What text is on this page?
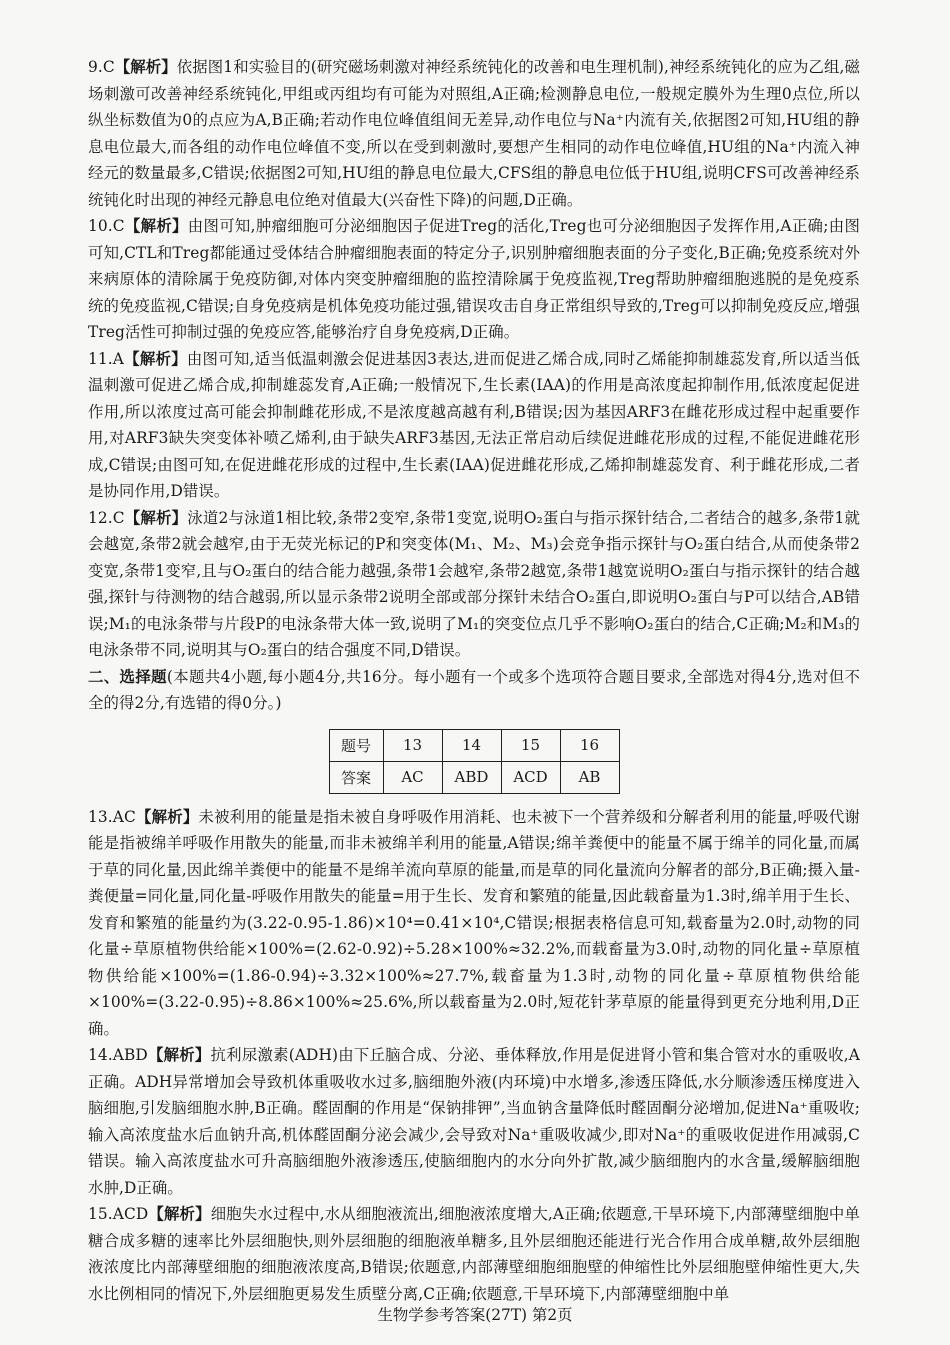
9.C【解析】依据图1和实验目的(研究磁场刺激对神经系统钝化的改善和电生理机制),神经系统钝化的应为乙组,磁场刺激可改善神经系统钝化,甲组或丙组均有可能为对照组,A正确;检测静息电位,一般规定膜外为生理0点位,所以纵坐标数值为0的点应为A,B正确;若动作电位峰值组间无差异,动作电位与Na⁺内流有关,依据图2可知,HU组的静息电位最大,而各组的动作电位峰值不变,所以在受到刺激时,要想产生相同的动作电位峰值,HU组的Na⁺内流入神经元的数量最多,C错误;依据图2可知,HU组的静息电位最大,CFS组的静息电位低于HU组,说明CFS可改善神经系统钝化时出现的神经元静息电位绝对值最大(兴奋性下降)的问题,D正确。

10.C【解析】由图可知,肿瘤细胞可分泌细胞因子促进Treg的活化,Treg也可分泌细胞因子发挥作用,A正确;由图可知,CTL和Treg都能通过受体结合肿瘤细胞表面的特定分子,识别肿瘤细胞表面的分子变化,B正确;免疫系统对外来病原体的清除属于免疫防御,对体内突变肿瘤细胞的监控清除属于免疫监视,Treg帮助肿瘤细胞逃脱的是免疫系统的免疫监视,C错误;自身免疫病是机体免疫功能过强,错误攻击自身正常组织导致的,Treg可以抑制免疫反应,增强Treg活性可抑制过强的免疫应答,能够治疗自身免疫病,D正确。

11.A【解析】由图可知,适当低温刺激会促进基因3表达,进而促进乙烯合成,同时乙烯能抑制雄蕊发育,所以适当低温刺激可促进乙烯合成,抑制雄蕊发育,A正确;一般情况下,生长素(IAA)的作用是高浓度起抑制作用,低浓度起促进作用,所以浓度过高可能会抑制雌花形成,不是浓度越高越有利,B错误;因为基因ARF3在雌花形成过程中起重要作用,对ARF3缺失突变体补喷乙烯利,由于缺失ARF3基因,无法正常启动后续促进雌花形成的过程,不能促进雌花形成,C错误;由图可知,在促进雌花形成的过程中,生长素(IAA)促进雌花形成,乙烯抑制雄蕊发育、利于雌花形成,二者是协同作用,D错误。

12.C【解析】泳道2与泳道1相比较,条带2变窄,条带1变宽,说明O₂蛋白与指示探针结合,二者结合的越多,条带1就会越宽,条带2就会越窄,由于无荧光标记的P和突变体(M₁、M₂、M₃)会竞争指示探针与O₂蛋白结合,从而使条带2变宽,条带1变窄,且与O₂蛋白的结合能力越强,条带1会越窄,条带2越宽,条带1越宽说明O₂蛋白与指示探针的结合越强,探针与待测物的结合越弱,所以显示条带2说明全部或部分探针未结合O₂蛋白,即说明O₂蛋白与P可以结合,AB错误;M₁的电泳条带与片段P的电泳条带大体一致,说明了M₁的突变位点几乎不影响O₂蛋白的结合,C正确;M₂和M₃的电泳条带不同,说明其与O₂蛋白的结合强度不同,D错误。

二、选择题(本题共4小题,每小题4分,共16分。每小题有一个或多个选项符合题目要求,全部选对得4分,选对但不全的得2分,有选错的得0分。)

题号	13	14	15	16
答案	AC	ABD	ACD	AB

13.AC【解析】未被利用的能量是指未被自身呼吸作用消耗、也未被下一个营养级和分解者利用的能量,呼吸代谢能是指被绵羊呼吸作用散失的能量,而非未被绵羊利用的能量,A错误;绵羊粪便中的能量不属于绵羊的同化量,而属于草的同化量,因此绵羊粪便中的能量不是绵羊流向草原的能量,而是草的同化量流向分解者的部分,B正确;摄入量-粪便量=同化量,同化量-呼吸作用散失的能量=用于生长、发育和繁殖的能量,因此载畜量为1.3时,绵羊用于生长、发育和繁殖的能量约为(3.22-0.95-1.86)×10⁴=0.41×10⁴,C错误;根据表格信息可知,载畜量为2.0时,动物的同化量÷草原植物供给能×100%=(2.62-0.92)÷5.28×100%≈32.2%,而载畜量为3.0时,动物的同化量÷草原植物供给能×100%=(1.86-0.94)÷3.32×100%≈27.7%,载畜量为1.3时,动物的同化量÷草原植物供给能×100%=(3.22-0.95)÷8.86×100%≈25.6%,所以载畜量为2.0时,短花针茅草原的能量得到更充分地利用,D正确。

14.ABD【解析】抗利尿激素(ADH)由下丘脑合成、分泌、垂体释放,作用是促进肾小管和集合管对水的重吸收,A正确。ADH异常增加会导致机体重吸收水过多,脑细胞外液(内环境)中水增多,渗透压降低,水分顺渗透压梯度进入脑细胞,引发脑细胞水肿,B正确。醛固酮的作用是“保钠排钾”,当血钠含量降低时醛固酮分泌增加,促进Na⁺重吸收;输入高浓度盐水后血钠升高,机体醛固酮分泌会减少,会导致对Na⁺重吸收减少,即对Na⁺的重吸收促进作用减弱,C错误。输入高浓度盐水可升高脑细胞外液渗透压,使脑细胞内的水分向外扩散,减少脑细胞内的水含量,缓解脑细胞水肿,D正确。

15.ACD【解析】细胞失水过程中,水从细胞液流出,细胞液浓度增大,A正确;依题意,干旱环境下,内部薄壁细胞中单糖合成多糖的速率比外层细胞快,则外层细胞的细胞液单糖多,且外层细胞还能进行光合作用合成单糖,故外层细胞液浓度比内部薄壁细胞的细胞液浓度高,B错误;依题意,内部薄壁细胞细胞壁的伸缩性比外层细胞壁伸缩性更大,失水比例相同的情况下,外层细胞更易发生质壁分离,C正确;依题意,干旱环境下,内部薄壁细胞中单

生物学参考答案(27T) 第2页
